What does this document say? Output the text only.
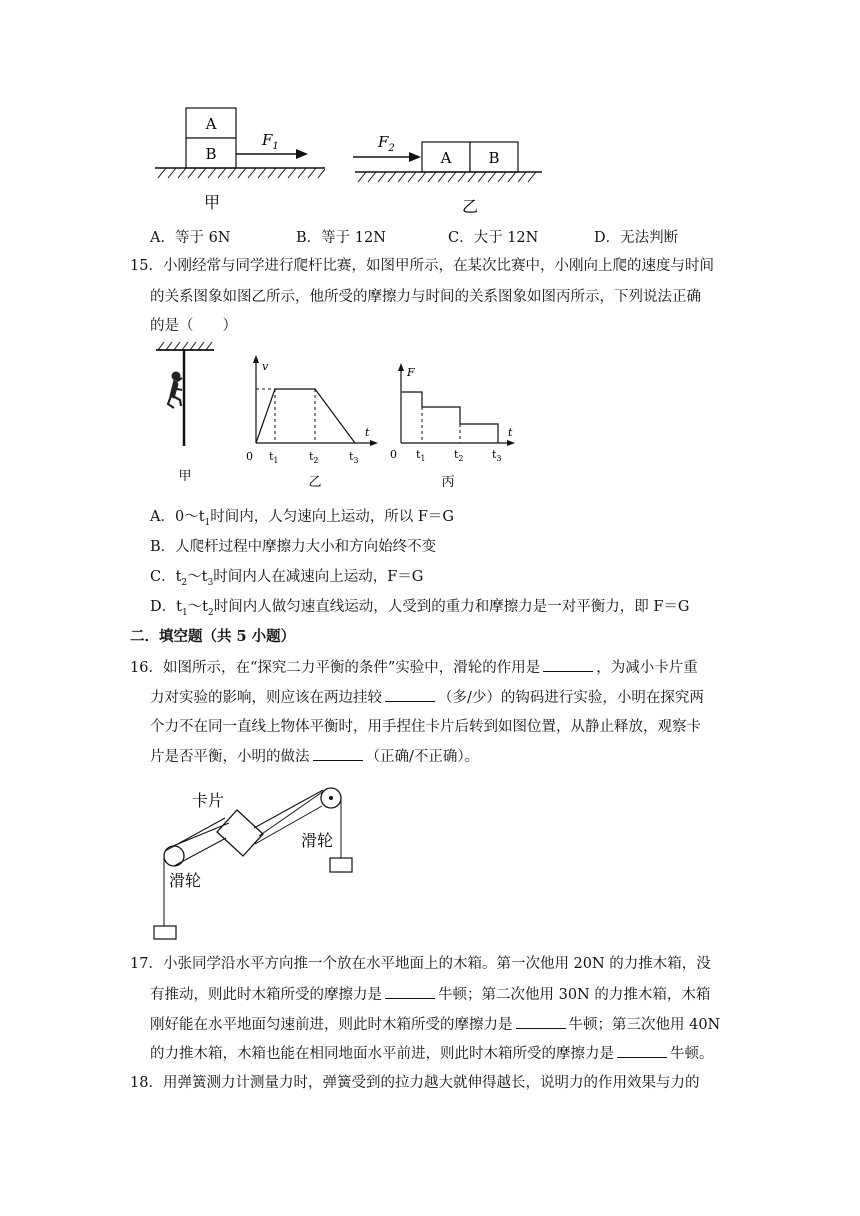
A
B
$F_1$
甲
A B
$F_2$
乙
A．等于 6N	B．等于 12N	C．大于 12N	D．无法判断
15．小刚经常与同学进行爬杆比赛，如图甲所示，在某次比赛中，小刚向上爬的速度与时间
的关系图象如图乙所示，他所受的摩擦力与时间的关系图象如图丙所示，下列说法正确
的是（　　）
甲
v
t
0 $t_1$	$t_2$	$t_3$
乙
F
t
0 $t_1$	$t_2$	$t_3$
丙
A．$0\sim t_1$时间内，人匀速向上运动，所以 F＝G
B．人爬杆过程中摩擦力大小和方向始终不变
C．$t_2\sim t_3$时间内人在减速向上运动，F＝G
D．$t_1\sim t_2$时间内人做匀速直线运动，人受到的重力和摩擦力是一对平衡力，即 F＝G
二．填空题（共 5 小题）
16．如图所示，在“探究二力平衡的条件”实验中，滑轮的作用是	，为减小卡片重
力对实验的影响，则应该在两边挂较	（多/少）的钩码进行实验，小明在探究两
个力不在同一直线上物体平衡时，用手捏住卡片后转到如图位置，从静止释放，观察卡
片是否平衡，小明的做法	（正确/不正确）。
卡片
滑轮
滑轮
17．小张同学沿水平方向推一个放在水平地面上的木箱。第一次他用 20N 的力推木箱，没
有推动，则此时木箱所受的摩擦力是	牛顿；第二次他用 30N 的力推木箱，木箱
刚好能在水平地面匀速前进，则此时木箱所受的摩擦力是	牛顿；第三次他用 40N
的力推木箱，木箱也能在相同地面水平前进，则此时木箱所受的摩擦力是	牛顿。
18．用弹簧测力计测量力时，弹簧受到的拉力越大就伸得越长，说明力的作用效果与力的
